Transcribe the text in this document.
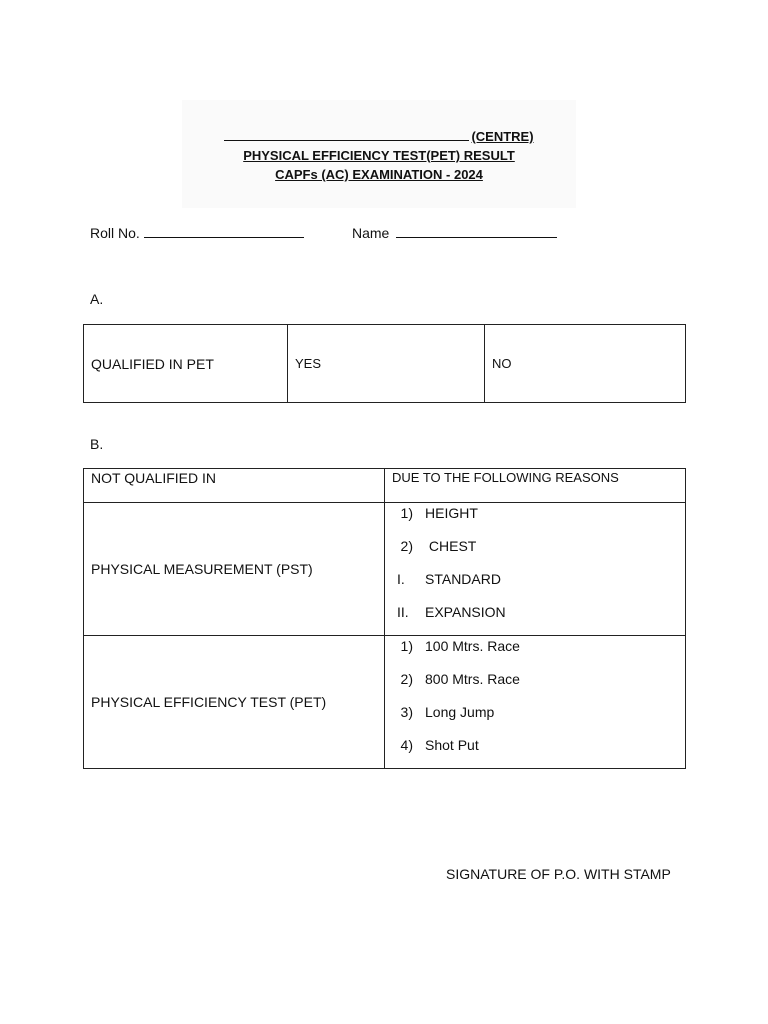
(CENTRE)
PHYSICAL EFFICIENCY TEST(PET) RESULT
CAPFs (AC) EXAMINATION - 2024
Roll No.	Name
A.
QUALIFIED IN PET	YES	NO
B.
NOT QUALIFIED IN	DUE TO THE FOLLOWING REASONS
PHYSICAL MEASUREMENT (PST)	1) HEIGHT
2) CHEST
I. STANDARD
II. EXPANSION

PHYSICAL EFFICIENCY TEST (PET)	1) 100 Mtrs. Race
2) 800 Mtrs. Race
3) Long Jump
4) Shot Put
SIGNATURE OF P.O. WITH STAMP
